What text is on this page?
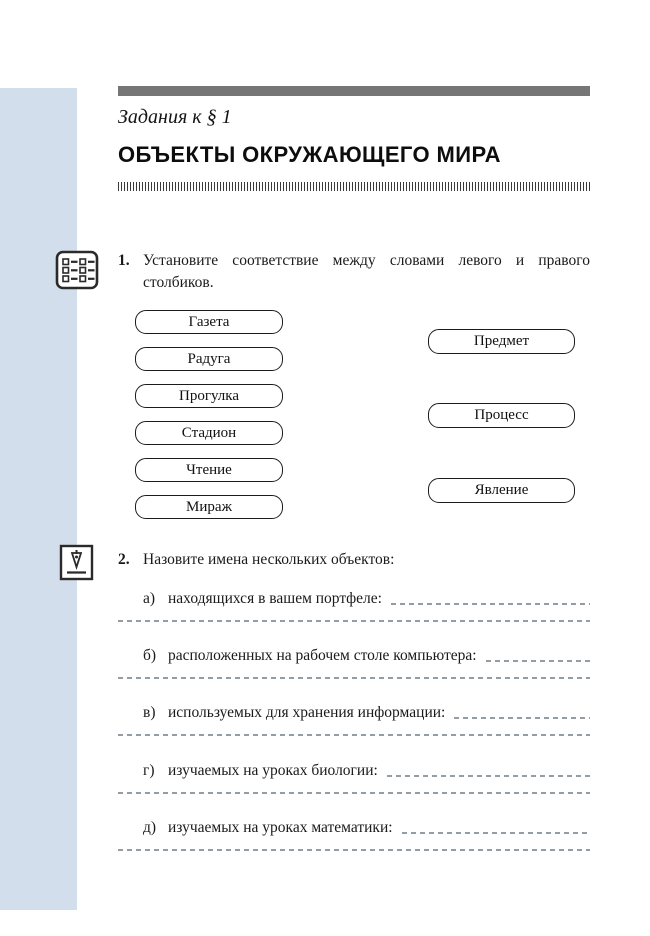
Задания к § 1
ОБЪЕКТЫ ОКРУЖАЮЩЕГО МИРА
1. Установите соответствие между словами левого и правого столбиков.
Газета
Радуга
Прогулка
Стадион
Чтение
Мираж
Предмет
Процесс
Явление
2. Назовите имена нескольких объектов:
а) находящихся в вашем портфеле:
б) расположенных на рабочем столе компьютера:
в) используемых для хранения информации:
г) изучаемых на уроках биологии:
д) изучаемых на уроках математики:
